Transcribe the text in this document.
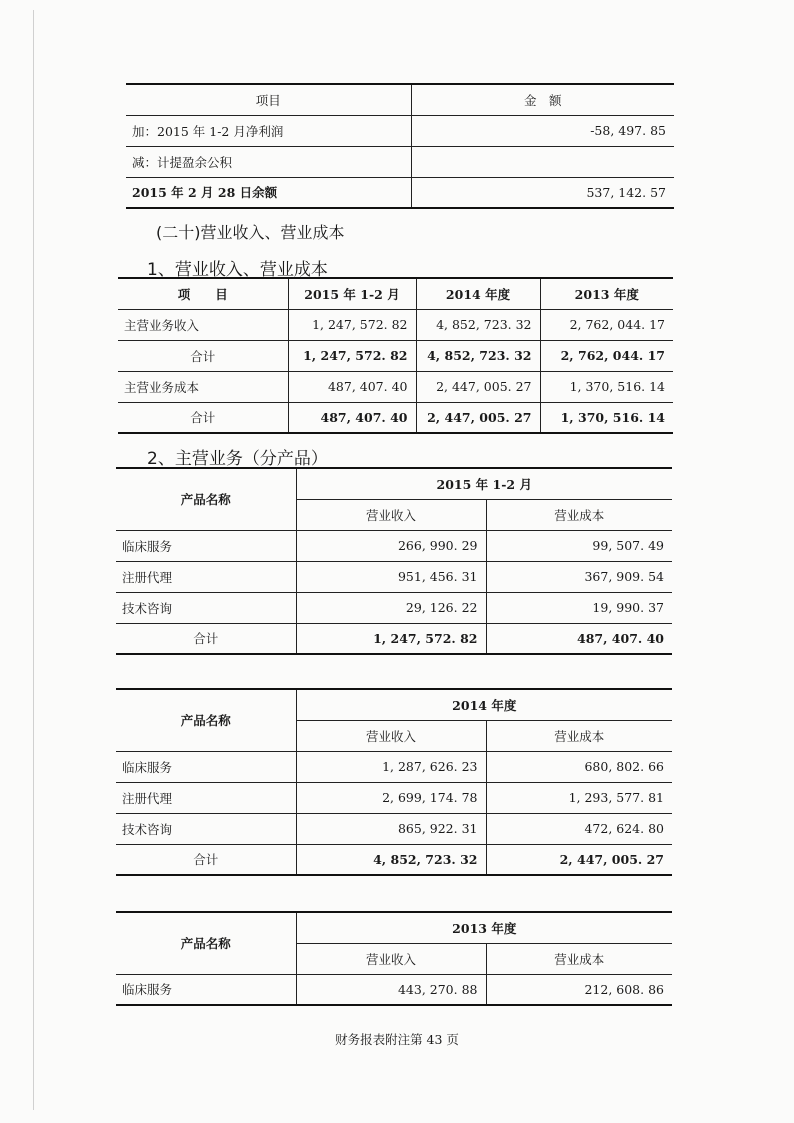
项目	金　额
加：2015 年 1-2 月净利润	-58, 497. 85
减：计提盈余公积	
2015 年 2 月 28 日余额	537, 142. 57
(二十)营业收入、营业成本
1、营业收入、营业成本
项　　目	2015 年 1-2 月	2014 年度	2013 年度
主营业务收入	1, 247, 572. 82	4, 852, 723. 32	2, 762, 044. 17
合计	1, 247, 572. 82	4, 852, 723. 32	2, 762, 044. 17
主营业务成本	487, 407. 40	2, 447, 005. 27	1, 370, 516. 14
合计	487, 407. 40	2, 447, 005. 27	1, 370, 516. 14
2、主营业务（分产品）
产品名称	2015 年 1-2 月	
	营业收入	营业成本
临床服务	266, 990. 29	99, 507. 49
注册代理	951, 456. 31	367, 909. 54
技术咨询	29, 126. 22	19, 990. 37
合计	1, 247, 572. 82	487, 407. 40
产品名称	2014 年度	
	营业收入	营业成本
临床服务	1, 287, 626. 23	680, 802. 66
注册代理	2, 699, 174. 78	1, 293, 577. 81
技术咨询	865, 922. 31	472, 624. 80
合计	4, 852, 723. 32	2, 447, 005. 27
产品名称	2013 年度	
	营业收入	营业成本
临床服务	443, 270. 88	212, 608. 86
财务报表附注第 43 页
